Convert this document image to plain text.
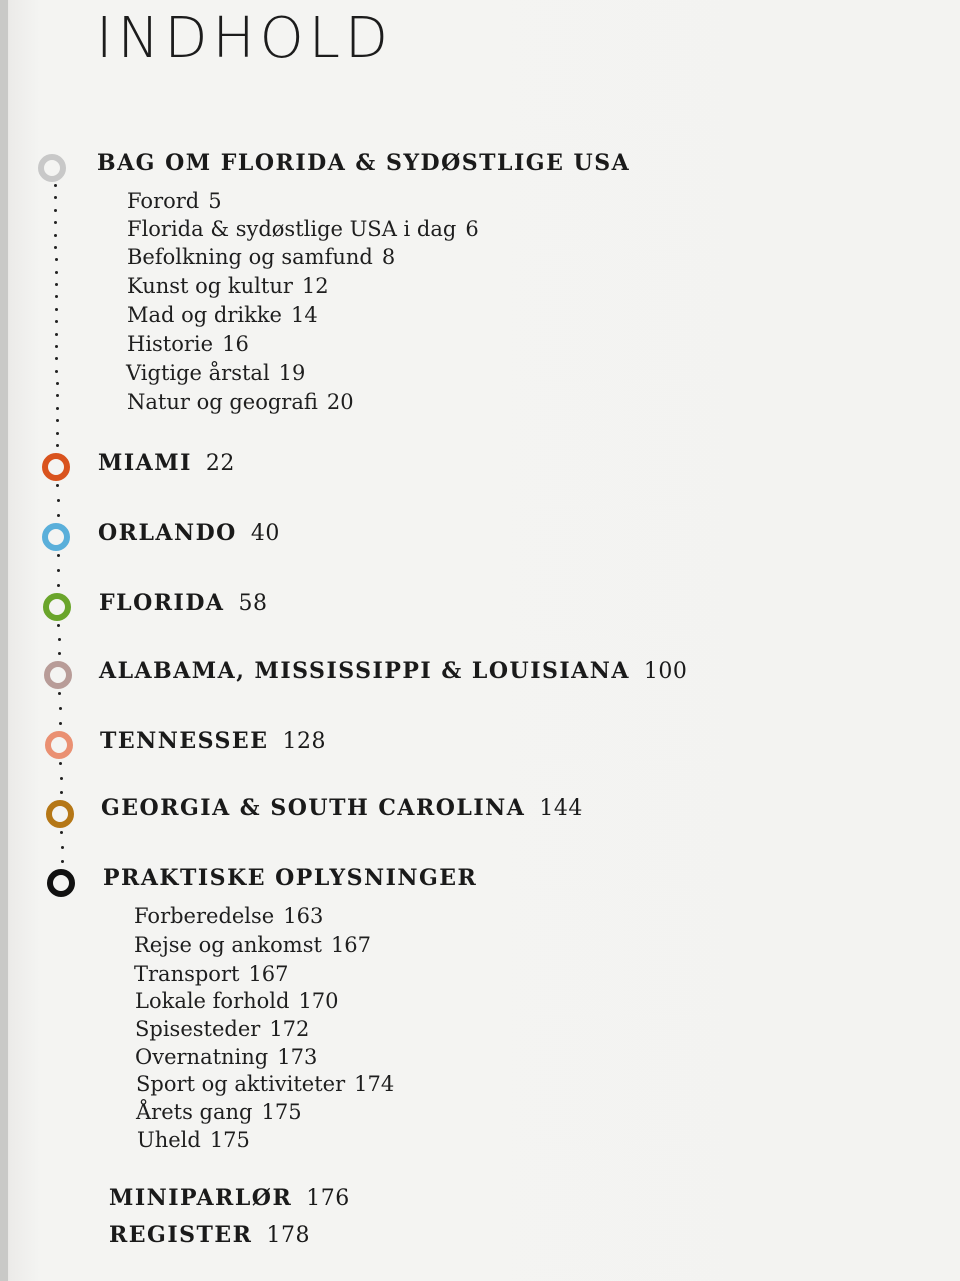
INDHOLD
BAG OM FLORIDA & SYDØSTLIGE USA
Forord 5
Florida & sydøstlige USA i dag 6
Befolkning og samfund 8
Kunst og kultur 12
Mad og drikke 14
Historie 16
Vigtige årstal 19
Natur og geografi 20
MIAMI 22
ORLANDO 40
FLORIDA 58
ALABAMA, MISSISSIPPI & LOUISIANA 100
TENNESSEE 128
GEORGIA & SOUTH CAROLINA 144
PRAKTISKE OPLYSNINGER
Forberedelse 163
Rejse og ankomst 167
Transport 167
Lokale forhold 170
Spisesteder 172
Overnatning 173
Sport og aktiviteter 174
Årets gang 175
Uheld 175
MINIPARLØR 176
REGISTER 178
